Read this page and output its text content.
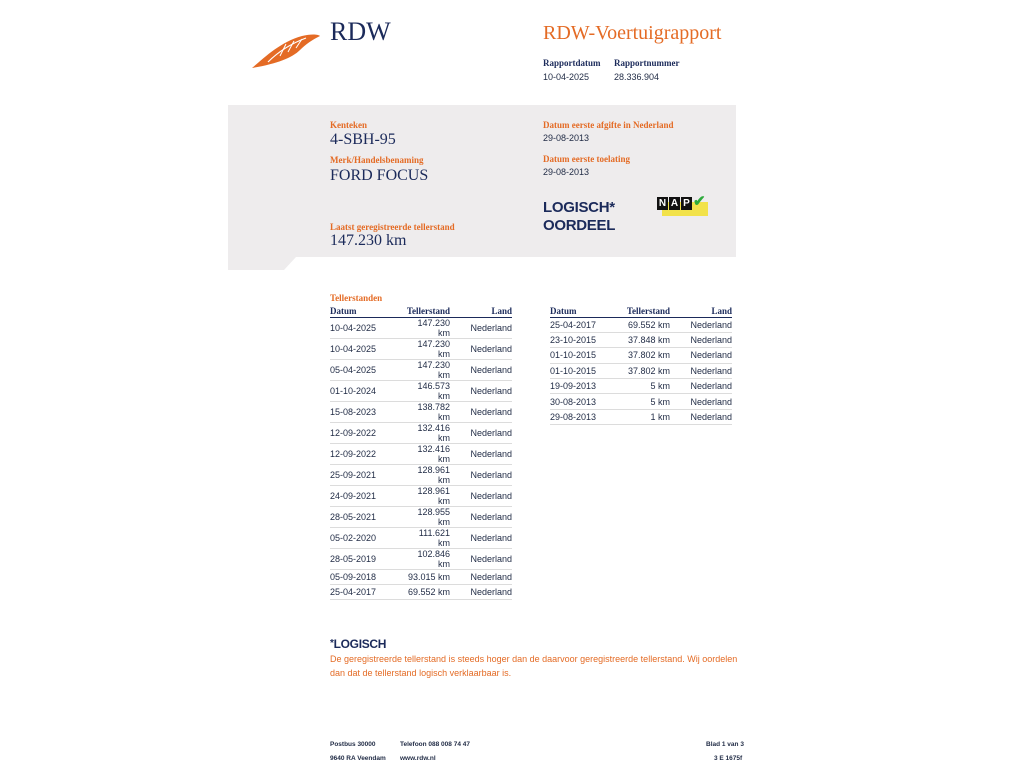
RDW	RDW-Voertuigrapport
Rapportdatum
10-04-2025
Rapportnummer
28.336.904
Kenteken
4-SBH-95
Merk/Handelsbenaming
FORD FOCUS
Laatst geregistreerde tellerstand
147.230 km
Datum eerste afgifte in Nederland
29-08-2013
Datum eerste toelating
29-08-2013
LOGISCH*
OORDEEL
N A P ✔
Tellerstanden
Datum	Tellerstand	Land
10-04-2025	147.230 km	Nederland
10-04-2025	147.230 km	Nederland
05-04-2025	147.230 km	Nederland
01-10-2024	146.573 km	Nederland
15-08-2023	138.782 km	Nederland
12-09-2022	132.416 km	Nederland
12-09-2022	132.416 km	Nederland
25-09-2021	128.961 km	Nederland
24-09-2021	128.961 km	Nederland
28-05-2021	128.955 km	Nederland
05-02-2020	111.621 km	Nederland
28-05-2019	102.846 km	Nederland
05-09-2018	93.015 km	Nederland
25-04-2017	69.552 km	Nederland
Datum	Tellerstand	Land
25-04-2017	69.552 km	Nederland
23-10-2015	37.848 km	Nederland
01-10-2015	37.802 km	Nederland
01-10-2015	37.802 km	Nederland
19-09-2013	5 km	Nederland
30-08-2013	5 km	Nederland
29-08-2013	1 km	Nederland
*LOGISCH
De geregistreerde tellerstand is steeds hoger dan de daarvoor geregistreerde tellerstand. Wij oordelen dan dat de tellerstand logisch verklaarbaar is.
Postbus 30000
9640 RA Veendam
Telefoon 088 008 74 47
www.rdw.nl
Blad 1 van 3
3 E 1675f
